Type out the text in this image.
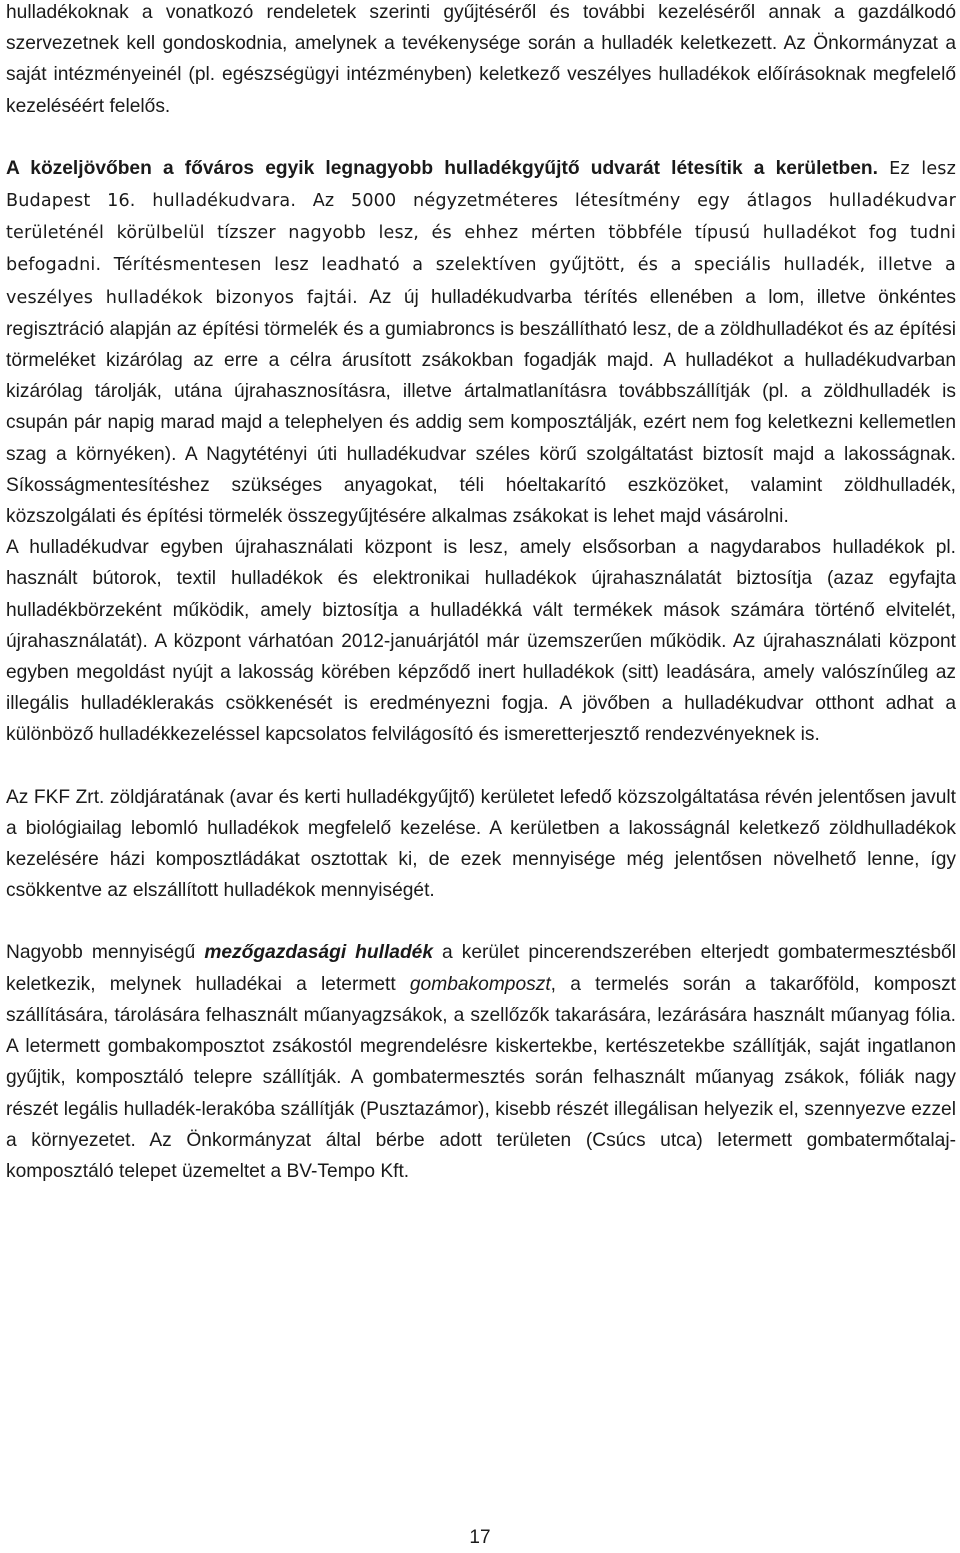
hulladékoknak a vonatkozó rendeletek szerinti gyűjtéséről és további kezeléséről annak a gazdálkodó szervezetnek kell gondoskodnia, amelynek a tevékenysége során a hulladék keletkezett. Az Önkormányzat a saját intézményeinél (pl. egészségügyi intézményben) keletkező veszélyes hulladékok előírásoknak megfelelő kezeléséért felelős.

A közeljövőben a főváros egyik legnagyobb hulladékgyűjtő udvarát létesítik a kerületben. Ez lesz Budapest 16. hulladékudvara. Az 5000 négyzetméteres létesítmény egy átlagos hulladékudvar területénél körülbelül tízszer nagyobb lesz, és ehhez mérten többféle típusú hulladékot fog tudni befogadni. Térítésmentesen lesz leadható a szelektíven gyűjtött, és a speciális hulladék, illetve a veszélyes hulladékok bizonyos fajtái. Az új hulladékudvarba térítés ellenében a lom, illetve önkéntes regisztráció alapján az építési törmelék és a gumiabroncs is beszállítható lesz, de a zöldhulladékot és az építési törmeléket kizárólag az erre a célra árusított zsákokban fogadják majd. A hulladékot a hulladékudvarban kizárólag tárolják, utána újrahasznosításra, illetve ártalmatlanításra továbbszállítják (pl. a zöldhulladék is csupán pár napig marad majd a telephelyen és addig sem komposztálják, ezért nem fog keletkezni kellemetlen szag a környéken). A Nagytétényi úti hulladékudvar széles körű szolgáltatást biztosít majd a lakosságnak. Síkosságmentesítéshez szükséges anyagokat, téli hóeltakarító eszközöket, valamint zöldhulladék, közszolgálati és építési törmelék összegyűjtésére alkalmas zsákokat is lehet majd vásárolni.

A hulladékudvar egyben újrahasználati központ is lesz, amely elsősorban a nagydarabos hulladékok pl. használt bútorok, textil hulladékok és elektronikai hulladékok újrahasználatát biztosítja (azaz egyfajta hulladékbörzeként működik, amely biztosítja a hulladékká vált termékek mások számára történő elvitelét, újrahasználatát). A központ várhatóan 2012-januárjától már üzemszerűen működik. Az újrahasználati központ egyben megoldást nyújt a lakosság körében képződő inert hulladékok (sitt) leadására, amely valószínűleg az illegális hulladéklerakás csökkenését is eredményezni fogja. A jövőben a hulladékudvar otthont adhat a különböző hulladékkezeléssel kapcsolatos felvilágosító és ismeretterjesztő rendezvényeknek is.

Az FKF Zrt. zöldjáratának (avar és kerti hulladékgyűjtő) kerületet lefedő közszolgáltatása révén jelentősen javult a biológiailag lebomló hulladékok megfelelő kezelése. A kerületben a lakosságnál keletkező zöldhulladékok kezelésére házi komposztládákat osztottak ki, de ezek mennyisége még jelentősen növelhető lenne, így csökkentve az elszállított hulladékok mennyiségét.

Nagyobb mennyiségű mezőgazdasági hulladék a kerület pincerendszerében elterjedt gombatermesztésből keletkezik, melynek hulladékai a letermett gombakomposzt, a termelés során a takarőföld, komposzt szállítására, tárolására felhasznált műanyagzsákok, a szellőzők takarására, lezárására használt műanyag fólia. A letermett gombakomposztot zsákostól megrendelésre kiskertekbe, kertészetekbe szállítják, saját ingatlanon gyűjtik, komposztáló telepre szállítják. A gombatermesztés során felhasznált műanyag zsákok, fóliák nagy részét legális hulladék-lerakóba szállítják (Pusztazámor), kisebb részét illegálisan helyezik el, szennyezve ezzel a környezetet. Az Önkormányzat által bérbe adott területen (Csúcs utca) letermett gombatermőtalaj-komposztáló telepet üzemeltet a BV-Tempo Kft.

17
